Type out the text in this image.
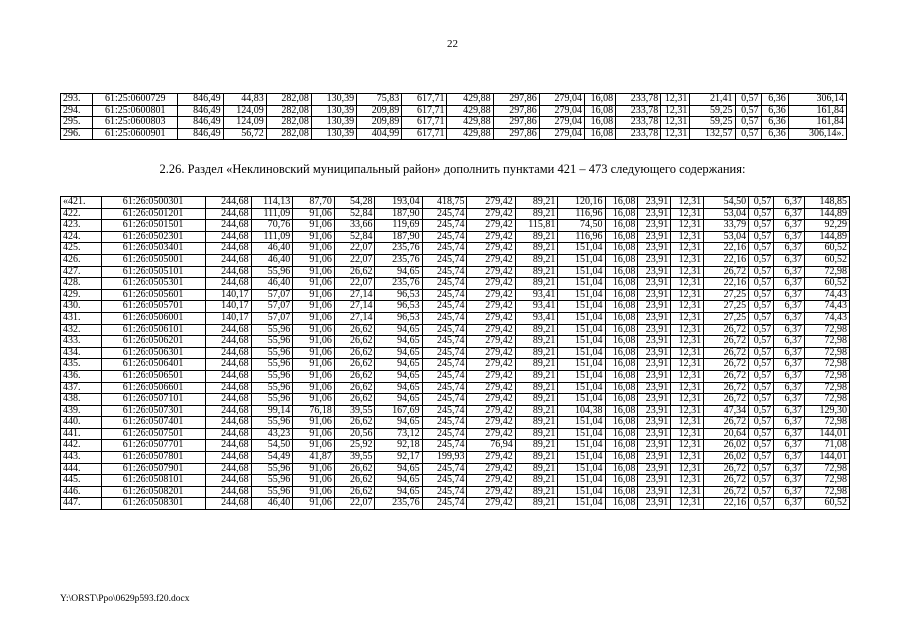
22
293.	61:25:0600729	846,49	44,83	282,08	130,39	75,83	617,71	429,88	297,86	279,04	16,08	233,78	12,31	21,41	0,57	6,36	306,14
294.	61:25:0600801	846,49	124,09	282,08	130,39	209,89	617,71	429,88	297,86	279,04	16,08	233,78	12,31	59,25	0,57	6,36	161,84
295.	61:25:0600803	846,49	124,09	282,08	130,39	209,89	617,71	429,88	297,86	279,04	16,08	233,78	12,31	59,25	0,57	6,36	161,84
296.	61:25:0600901	846,49	56,72	282,08	130,39	404,99	617,71	429,88	297,86	279,04	16,08	233,78	12,31	132,57	0,57	6,36	306,14».
2.26. Раздел «Неклиновский муниципальный район» дополнить пунктами 421 – 473 следующего содержания:
«421.	61:26:0500301	244,68	114,13	87,70	54,28	193,04	418,75	279,42	89,21	120,16	16,08	23,91	12,31	54,50	0,57	6,37	148,85
422.	61:26:0501201	244,68	111,09	91,06	52,84	187,90	245,74	279,42	89,21	116,96	16,08	23,91	12,31	53,04	0,57	6,37	144,89
423.	61:26:0501501	244,68	70,76	91,06	33,66	119,69	245,74	279,42	115,81	74,50	16,08	23,91	12,31	33,79	0,57	6,37	92,29
424.	61:26:0502301	244,68	111,09	91,06	52,84	187,90	245,74	279,42	89,21	116,96	16,08	23,91	12,31	53,04	0,57	6,37	144,89
425.	61:26:0503401	244,68	46,40	91,06	22,07	235,76	245,74	279,42	89,21	151,04	16,08	23,91	12,31	22,16	0,57	6,37	60,52
426.	61:26:0505001	244,68	46,40	91,06	22,07	235,76	245,74	279,42	89,21	151,04	16,08	23,91	12,31	22,16	0,57	6,37	60,52
427.	61:26:0505101	244,68	55,96	91,06	26,62	94,65	245,74	279,42	89,21	151,04	16,08	23,91	12,31	26,72	0,57	6,37	72,98
428.	61:26:0505301	244,68	46,40	91,06	22,07	235,76	245,74	279,42	89,21	151,04	16,08	23,91	12,31	22,16	0,57	6,37	60,52
429.	61:26:0505601	140,17	57,07	91,06	27,14	96,53	245,74	279,42	93,41	151,04	16,08	23,91	12,31	27,25	0,57	6,37	74,43
430.	61:26:0505701	140,17	57,07	91,06	27,14	96,53	245,74	279,42	93,41	151,04	16,08	23,91	12,31	27,25	0,57	6,37	74,43
431.	61:26:0506001	140,17	57,07	91,06	27,14	96,53	245,74	279,42	93,41	151,04	16,08	23,91	12,31	27,25	0,57	6,37	74,43
432.	61:26:0506101	244,68	55,96	91,06	26,62	94,65	245,74	279,42	89,21	151,04	16,08	23,91	12,31	26,72	0,57	6,37	72,98
433.	61:26:0506201	244,68	55,96	91,06	26,62	94,65	245,74	279,42	89,21	151,04	16,08	23,91	12,31	26,72	0,57	6,37	72,98
434.	61:26:0506301	244,68	55,96	91,06	26,62	94,65	245,74	279,42	89,21	151,04	16,08	23,91	12,31	26,72	0,57	6,37	72,98
435.	61:26:0506401	244,68	55,96	91,06	26,62	94,65	245,74	279,42	89,21	151,04	16,08	23,91	12,31	26,72	0,57	6,37	72,98
436.	61:26:0506501	244,68	55,96	91,06	26,62	94,65	245,74	279,42	89,21	151,04	16,08	23,91	12,31	26,72	0,57	6,37	72,98
437.	61:26:0506601	244,68	55,96	91,06	26,62	94,65	245,74	279,42	89,21	151,04	16,08	23,91	12,31	26,72	0,57	6,37	72,98
438.	61:26:0507101	244,68	55,96	91,06	26,62	94,65	245,74	279,42	89,21	151,04	16,08	23,91	12,31	26,72	0,57	6,37	72,98
439.	61:26:0507301	244,68	99,14	76,18	39,55	167,69	245,74	279,42	89,21	104,38	16,08	23,91	12,31	47,34	0,57	6,37	129,30
440.	61:26:0507401	244,68	55,96	91,06	26,62	94,65	245,74	279,42	89,21	151,04	16,08	23,91	12,31	26,72	0,57	6,37	72,98
441.	61:26:0507501	244,68	43,23	91,06	20,56	73,12	245,74	279,42	89,21	151,04	16,08	23,91	12,31	20,64	0,57	6,37	144,01
442.	61:26:0507701	244,68	54,50	91,06	25,92	92,18	245,74	76,94	89,21	151,04	16,08	23,91	12,31	26,02	0,57	6,37	71,08
443.	61:26:0507801	244,68	54,49	41,87	39,55	92,17	199,93	279,42	89,21	151,04	16,08	23,91	12,31	26,02	0,57	6,37	144,01
444.	61:26:0507901	244,68	55,96	91,06	26,62	94,65	245,74	279,42	89,21	151,04	16,08	23,91	12,31	26,72	0,57	6,37	72,98
445.	61:26:0508101	244,68	55,96	91,06	26,62	94,65	245,74	279,42	89,21	151,04	16,08	23,91	12,31	26,72	0,57	6,37	72,98
446.	61:26:0508201	244,68	55,96	91,06	26,62	94,65	245,74	279,42	89,21	151,04	16,08	23,91	12,31	26,72	0,57	6,37	72,98
447.	61:26:0508301	244,68	46,40	91,06	22,07	235,76	245,74	279,42	89,21	151,04	16,08	23,91	12,31	22,16	0,57	6,37	60,52
Y:\ORST\Ppo\0629p593.f20.docx
